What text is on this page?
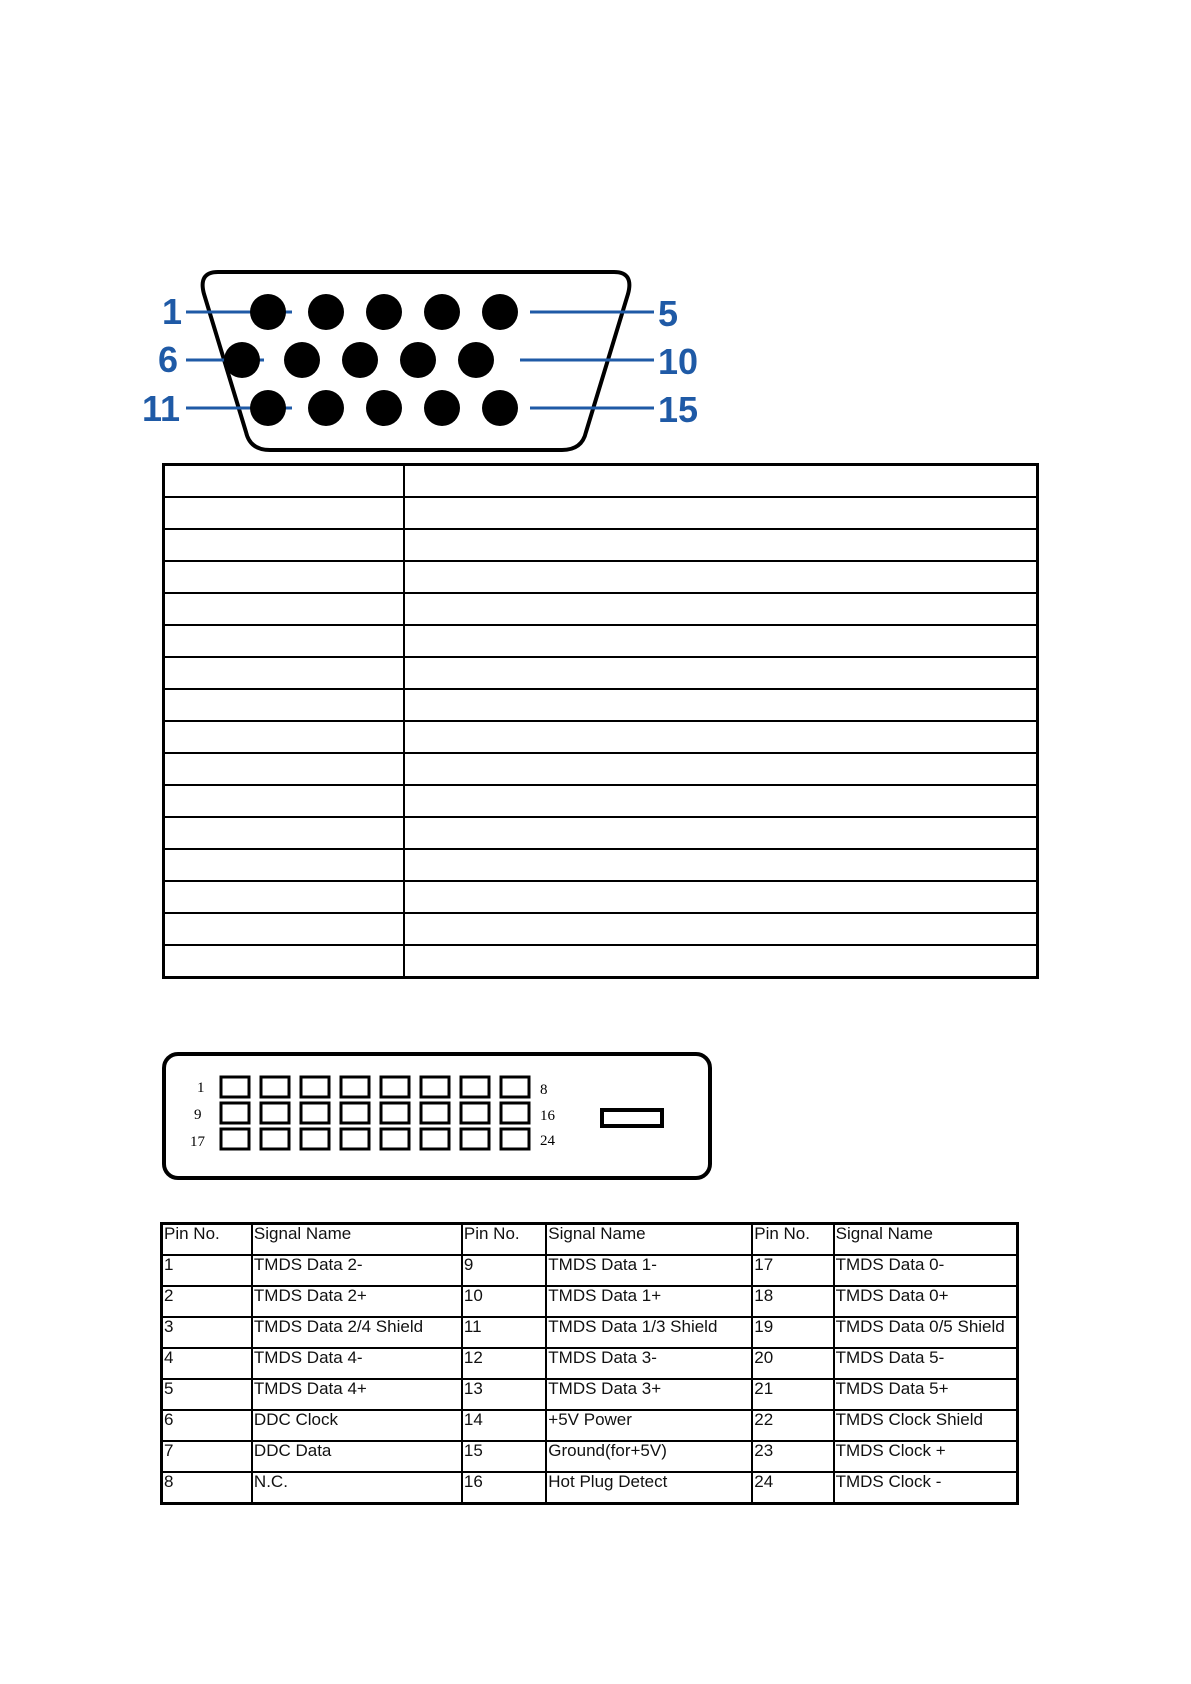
1	5
6	10
11	15

1	8
9	16
17	24
Pin No.	Signal Name	Pin No.	Signal Name	Pin No.	Signal Name
1	TMDS Data 2-	9	TMDS Data 1-	17	TMDS Data 0-
2	TMDS Data 2+	10	TMDS Data 1+	18	TMDS Data 0+
3	TMDS Data 2/4 Shield	11	TMDS Data 1/3 Shield	19	TMDS Data 0/5 Shield
4	TMDS Data 4-	12	TMDS Data 3-	20	TMDS Data 5-
5	TMDS Data 4+	13	TMDS Data 3+	21	TMDS Data 5+
6	DDC Clock	14	+5V Power	22	TMDS Clock Shield
7	DDC Data	15	Ground(for+5V)	23	TMDS Clock +
8	N.C.	16	Hot Plug Detect	24	TMDS Clock -
